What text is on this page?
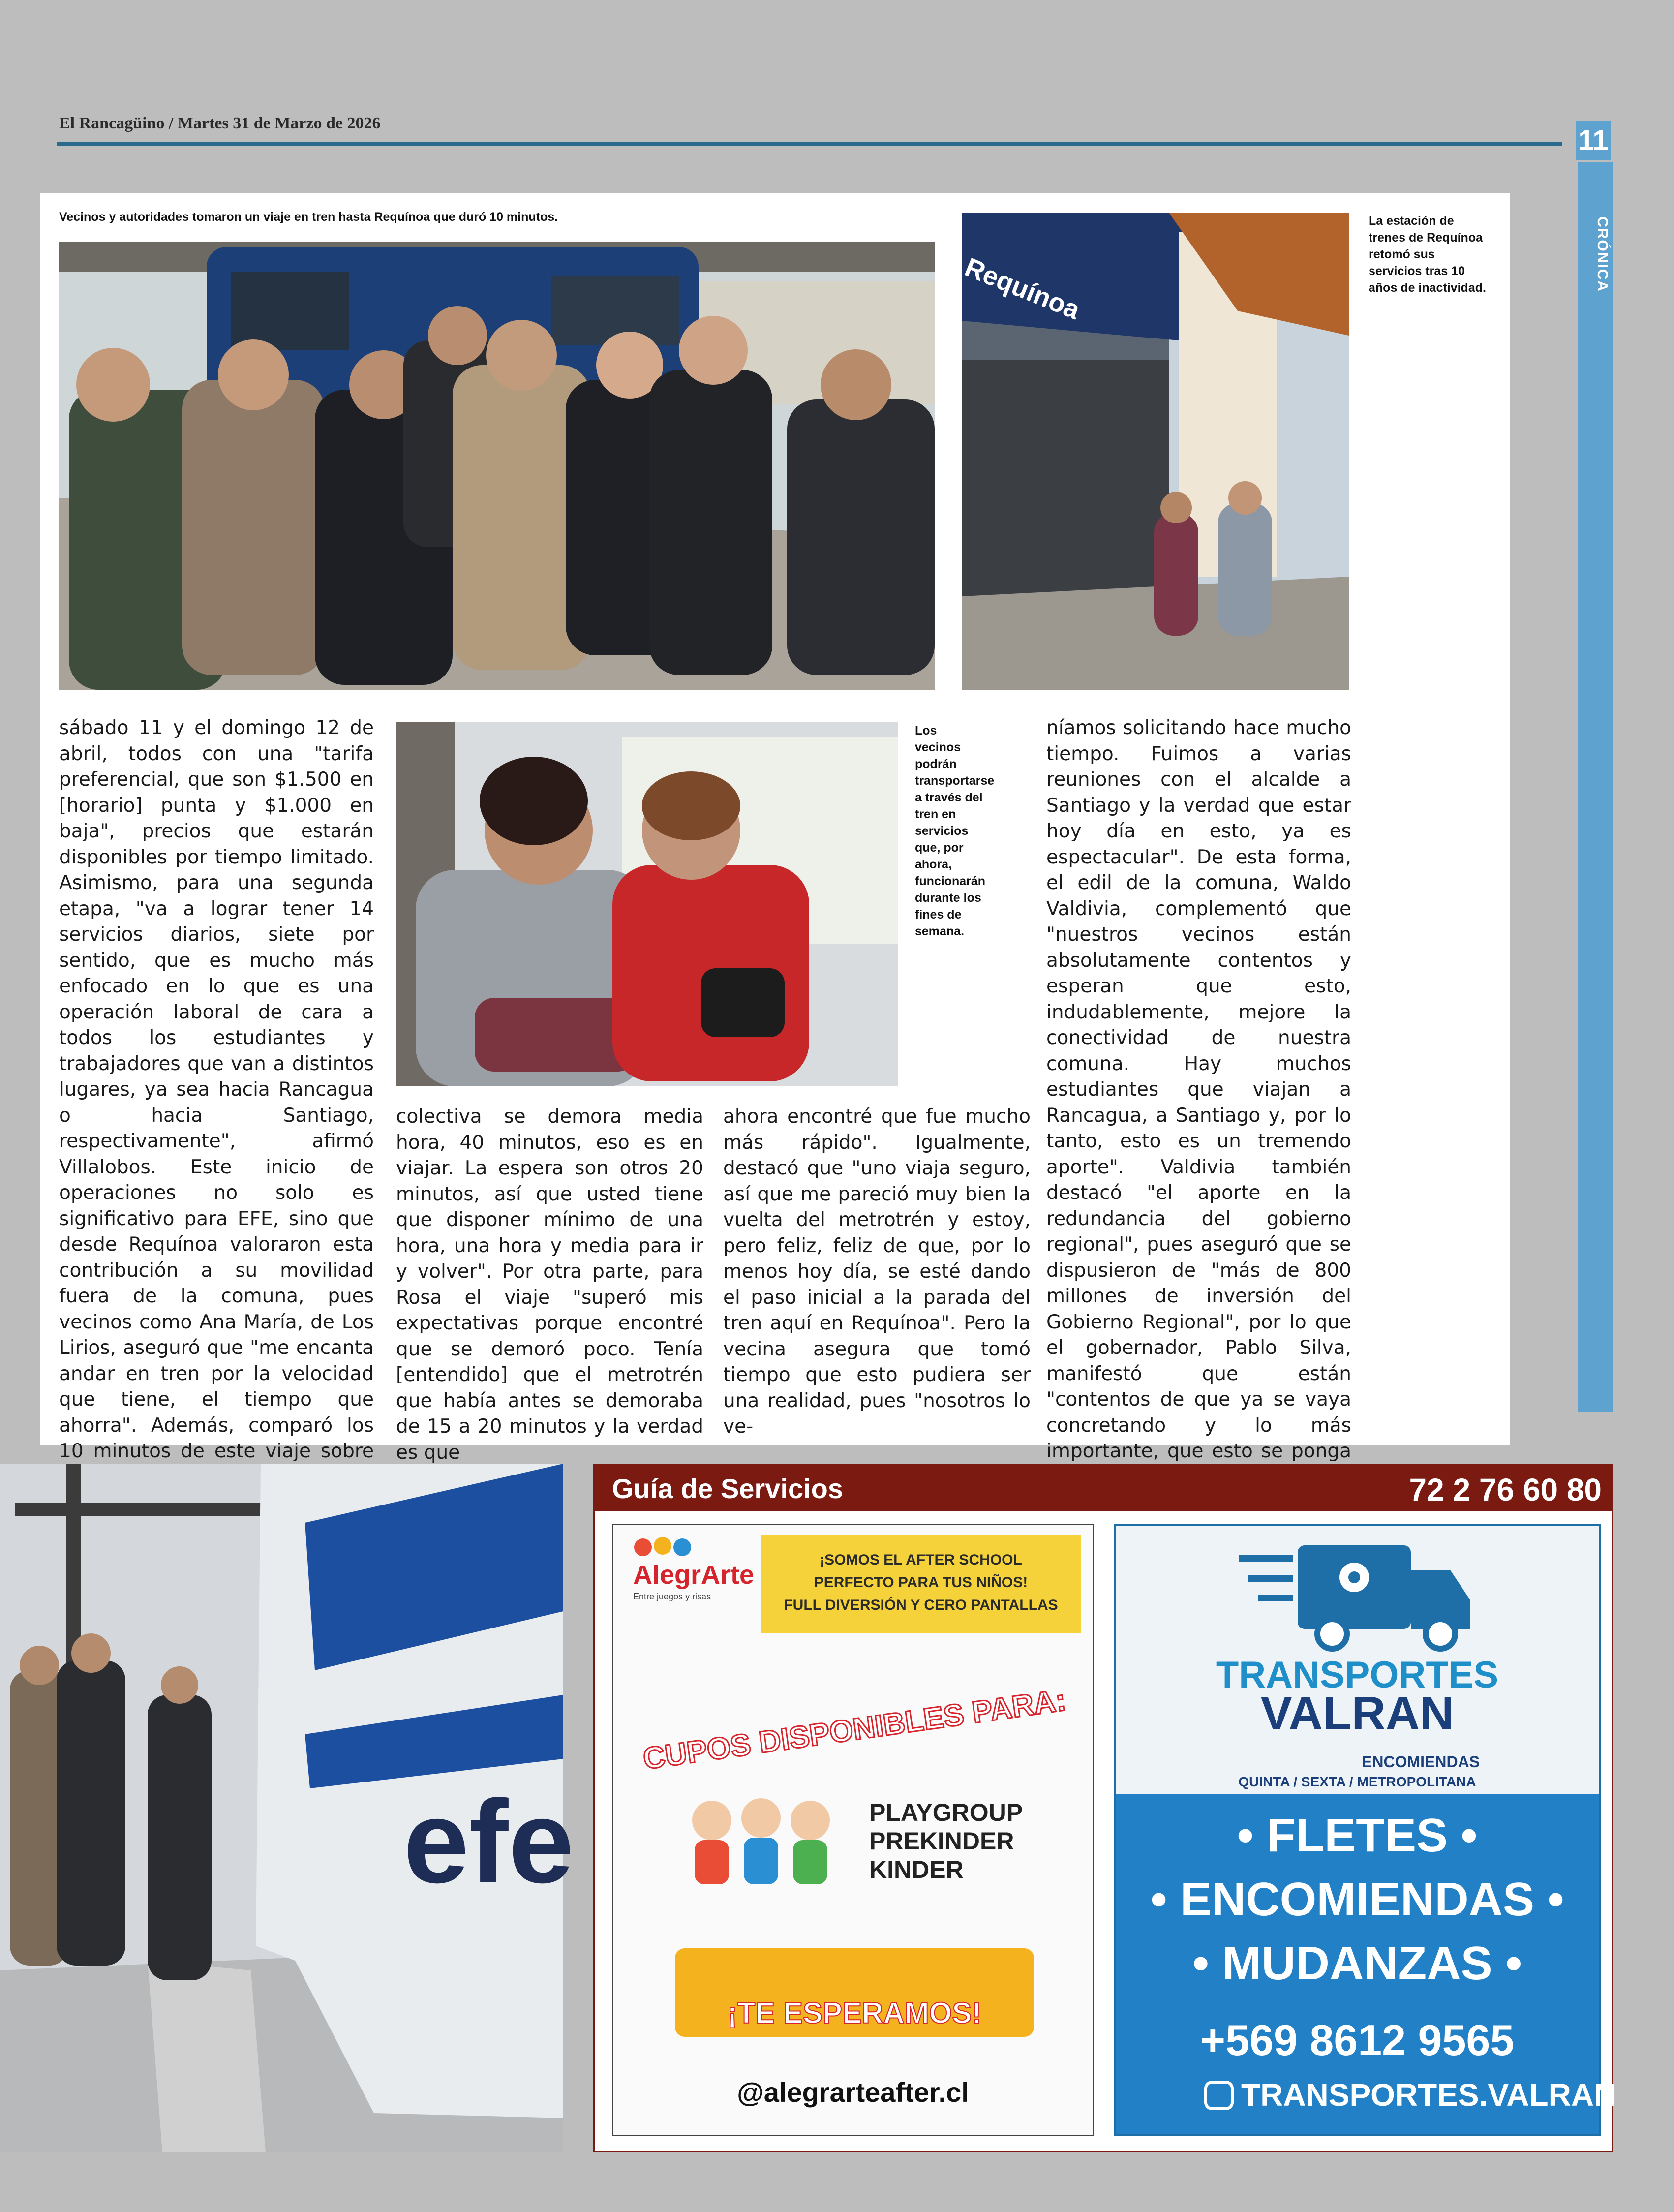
El Rancagüino / Martes 31 de Marzo de 2026
11
CRÓNICA
Vecinos y autoridades tomaron un viaje en tren hasta Requínoa que duró 10 minutos.
Requínoa
La estación de trenes de Requínoa retomó sus servicios tras 10 años de inactividad.
Los vecinos podrán transportarse a través del tren en servicios que, por ahora, funcionarán durante los fines de semana.

sábado 11 y el domingo 12 de abril, todos con una "tarifa preferencial, que son $1.500 en [horario] punta y $1.000 en baja", precios que estarán disponibles por tiempo limitado. Asimismo, para una segunda etapa, "va a lograr tener 14 servicios diarios, siete por sentido, que es mucho más enfocado en lo que es una operación laboral de cara a todos los estudiantes y trabajadores que van a distintos lugares, ya sea hacia Rancagua o hacia Santiago, respectivamente", afirmó Villalobos. Este inicio de operaciones no solo es significativo para EFE, sino que desde Requínoa valoraron esta contribución a su movilidad fuera de la comuna, pues vecinos como Ana María, de Los Lirios, aseguró que "me encanta andar en tren por la velocidad que tiene, el tiempo que ahorra". Además, comparó los 10 minutos de este viaje sobre

colectiva se demora media hora, 40 minutos, eso es en viajar. La espera son otros 20 minutos, así que usted tiene que disponer mínimo de una hora, una hora y media para ir y volver". Por otra parte, para Rosa el viaje "superó mis expectativas porque encontré que se demoró poco. Tenía [entendido] que el metrotrén que había antes se demoraba de 15 a 20 minutos y la verdad es que

ahora encontré que fue mucho más rápido". Igualmente, destacó que "uno viaja seguro, así que me pareció muy bien la vuelta del metrotrén y estoy, pero feliz, feliz de que, por lo menos hoy día, se esté dando el paso inicial a la parada del tren aquí en Requínoa". Pero la vecina asegura que tomó tiempo que esto pudiera ser una realidad, pues "nosotros lo ve-

níamos solicitando hace mucho tiempo. Fuimos a varias reuniones con el alcalde a Santiago y la verdad que estar hoy día en esto, ya es espectacular". De esta forma, el edil de la comuna, Waldo Valdivia, complementó que "nuestros vecinos están absolutamente contentos y esperan que esto, indudablemente, mejore la conectividad de nuestra comuna. Hay muchos estudiantes que viajan a Rancagua, a Santiago y, por lo tanto, esto es un tremendo aporte". Valdivia también destacó "el aporte en la redundancia del gobierno regional", pues aseguró que se dispusieron de "más de 800 millones de inversión del Gobierno Regional", por lo que el gobernador, Pablo Silva, manifestó que están "contentos de que ya se vaya concretando y lo más importante, que esto se ponga

efe
Guía de Servicios	72 2 76 60 80
AlegrArte
Entre juegos y risas
¡SOMOS EL AFTER SCHOOL
PERFECTO PARA TUS NIÑOS!
FULL DIVERSIÓN Y CERO PANTALLAS
CUPOS DISPONIBLES PARA:
PLAYGROUP
PREKINDER
KINDER
¡TE ESPERAMOS!
@alegrarteafter.cl
TRANSPORTES
VALRAN
ENCOMIENDAS
QUINTA / SEXTA / METROPOLITANA
• FLETES •
• ENCOMIENDAS •
• MUDANZAS •
+569 8612 9565
TRANSPORTES.VALRAN
